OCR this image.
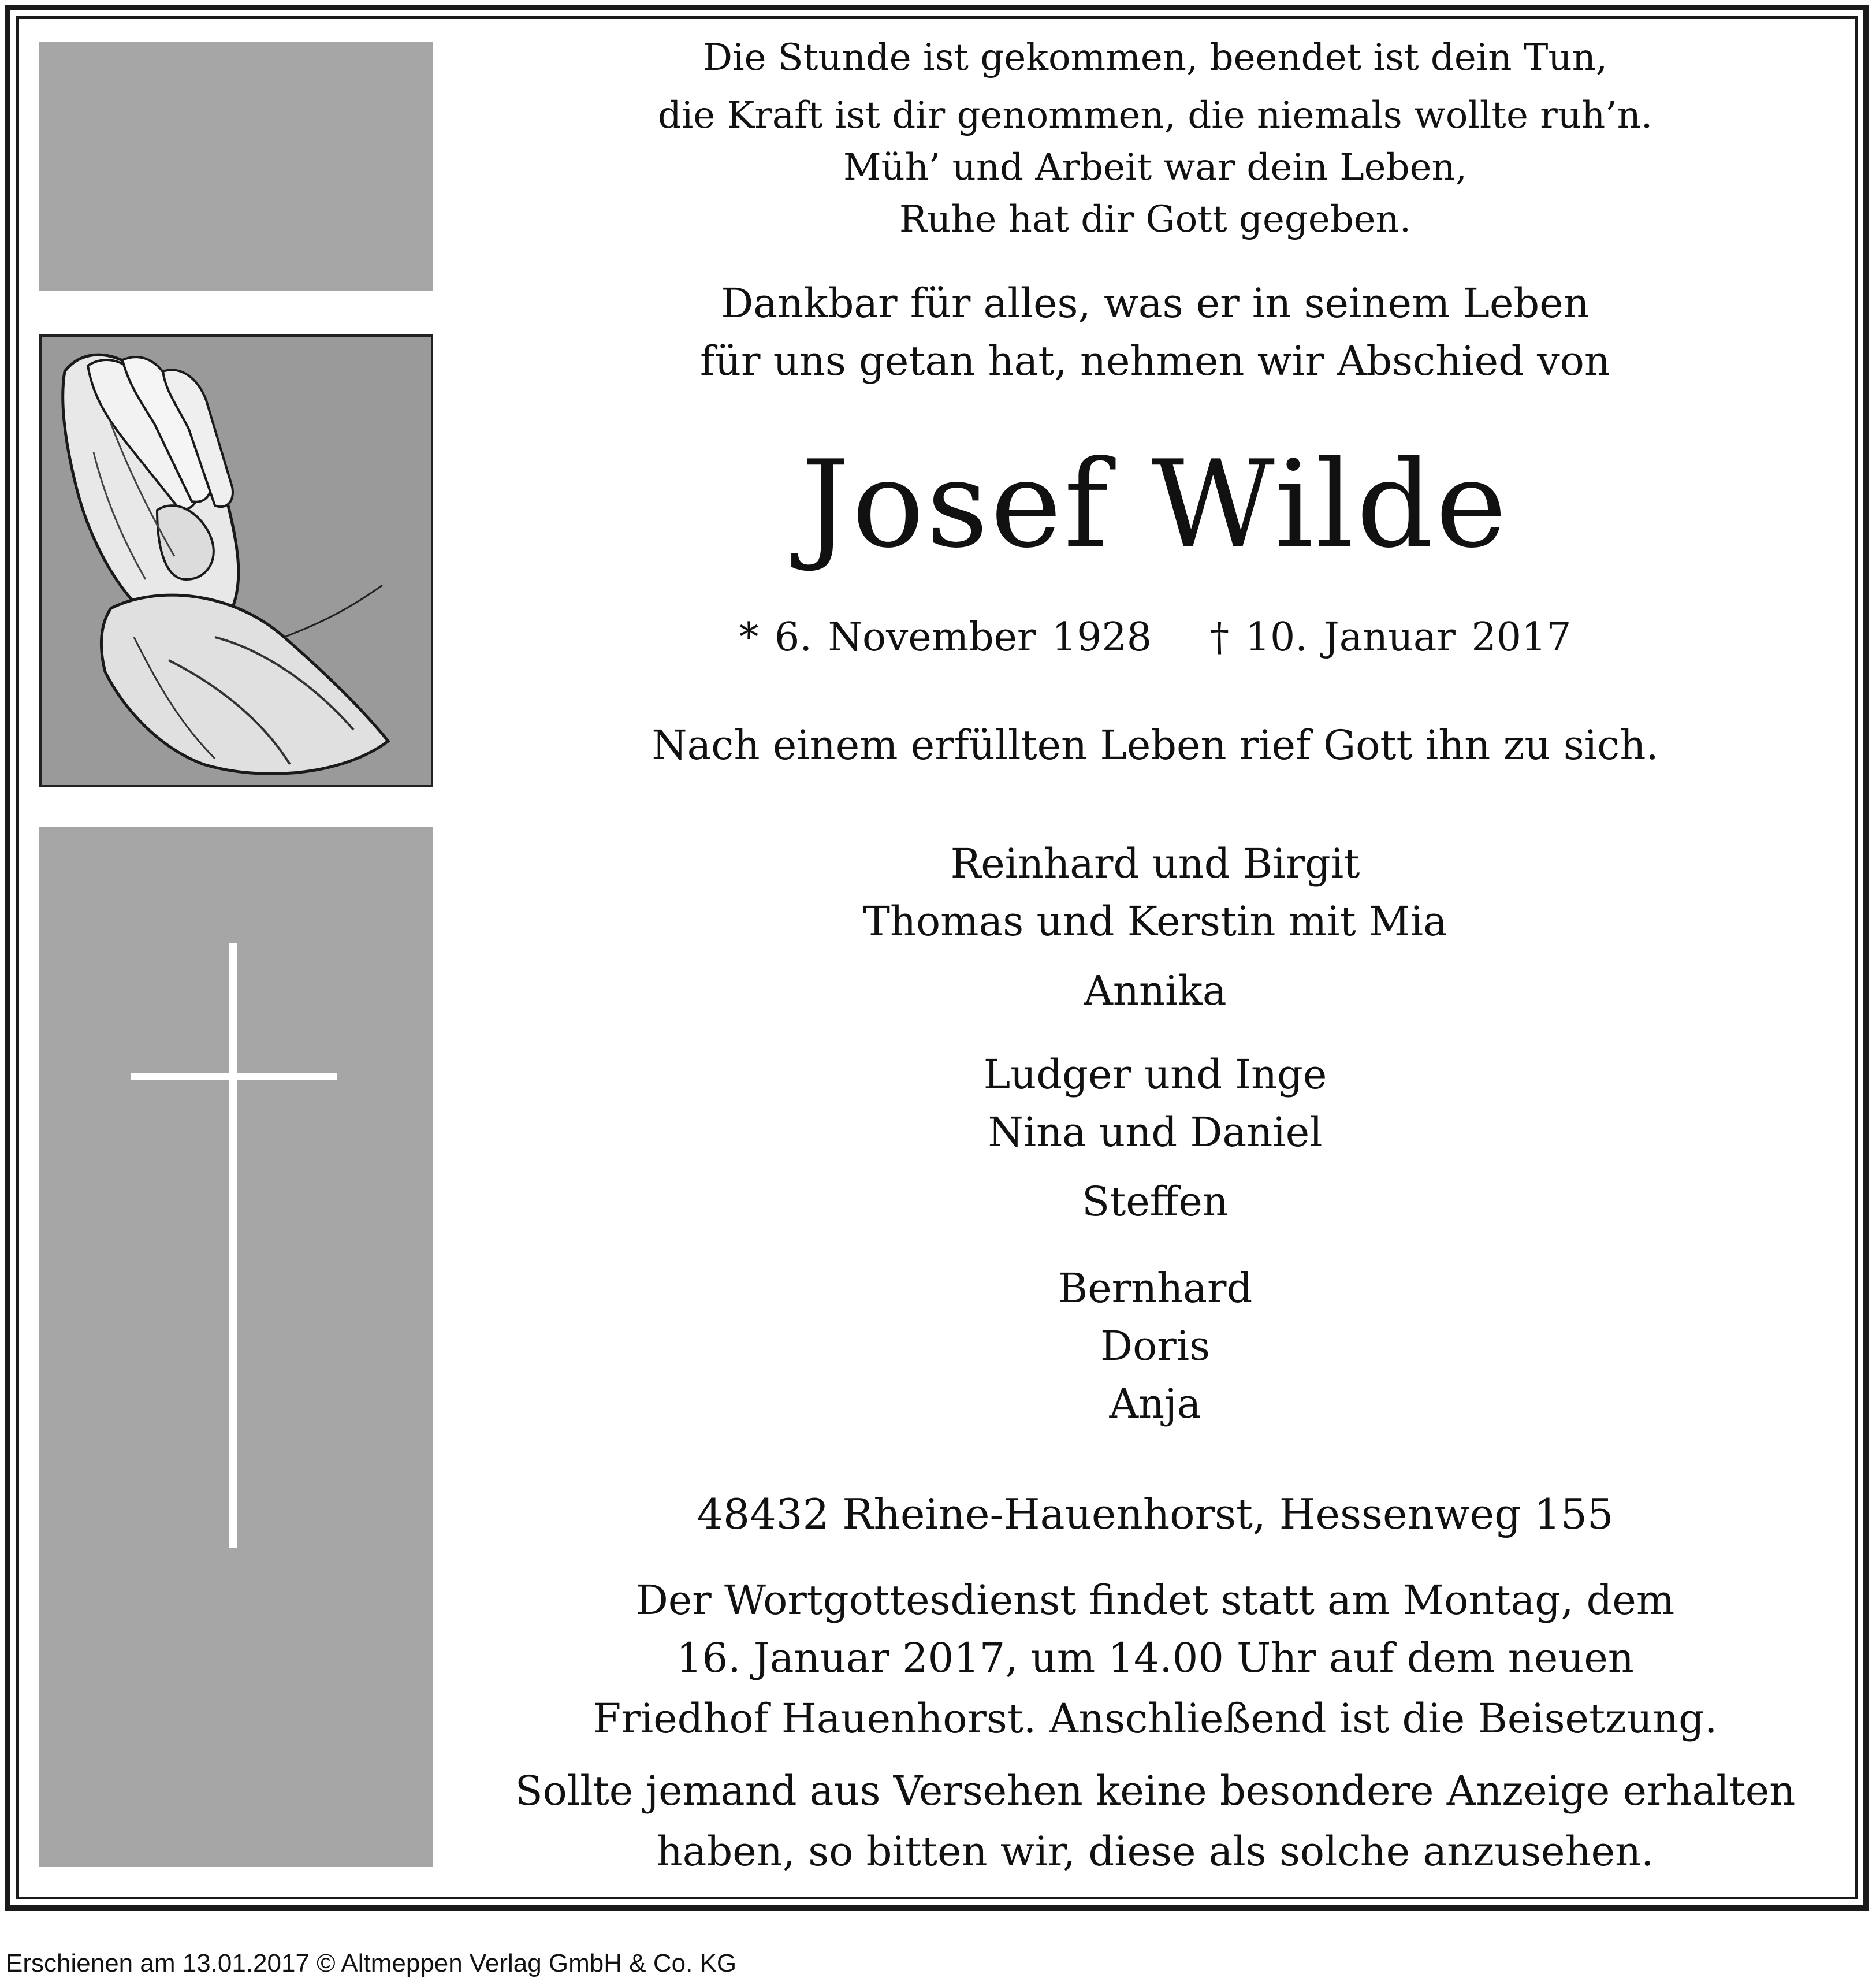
Die Stunde ist gekommen, beendet ist dein Tun,
die Kraft ist dir genommen, die niemals wollte ruh’n.
Müh’ und Arbeit war dein Leben,
Ruhe hat dir Gott gegeben.
Dankbar für alles, was er in seinem Leben
für uns getan hat, nehmen wir Abschied von
Josef Wilde
* 6. November 1928 † 10. Januar 2017
Nach einem erfüllten Leben rief Gott ihn zu sich.
Reinhard und Birgit
Thomas und Kerstin mit Mia
Annika
Ludger und Inge
Nina und Daniel
Steffen
Bernhard
Doris
Anja
48432 Rheine-Hauenhorst, Hessenweg 155
Der Wortgottesdienst findet statt am Montag, dem
16. Januar 2017, um 14.00 Uhr auf dem neuen
Friedhof Hauenhorst. Anschließend ist die Beisetzung.
Sollte jemand aus Versehen keine besondere Anzeige erhalten
haben, so bitten wir, diese als solche anzusehen.
Erschienen am 13.01.2017 © Altmeppen Verlag GmbH & Co. KG
